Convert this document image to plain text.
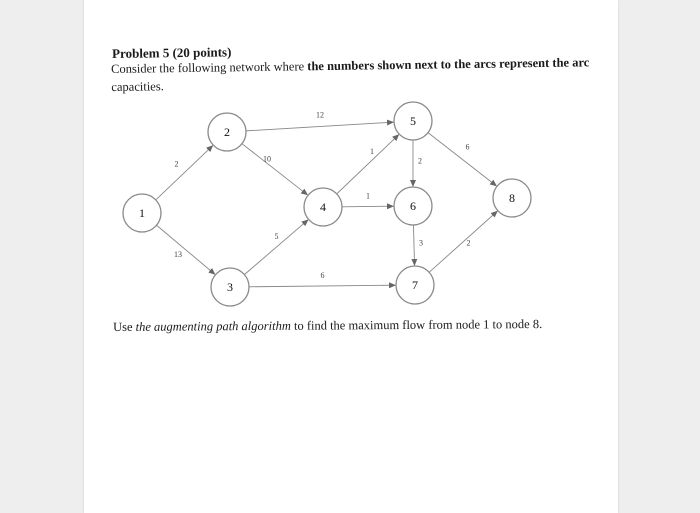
Problem 5 (20 points)
Consider the following network where the numbers shown next to the arcs represent the arc capacities.
2
13
12
10
5
6
1
1
2
6
3	2
1
2
3
4
5
6
7
8
Use the augmenting path algorithm to find the maximum flow from node 1 to node 8.
